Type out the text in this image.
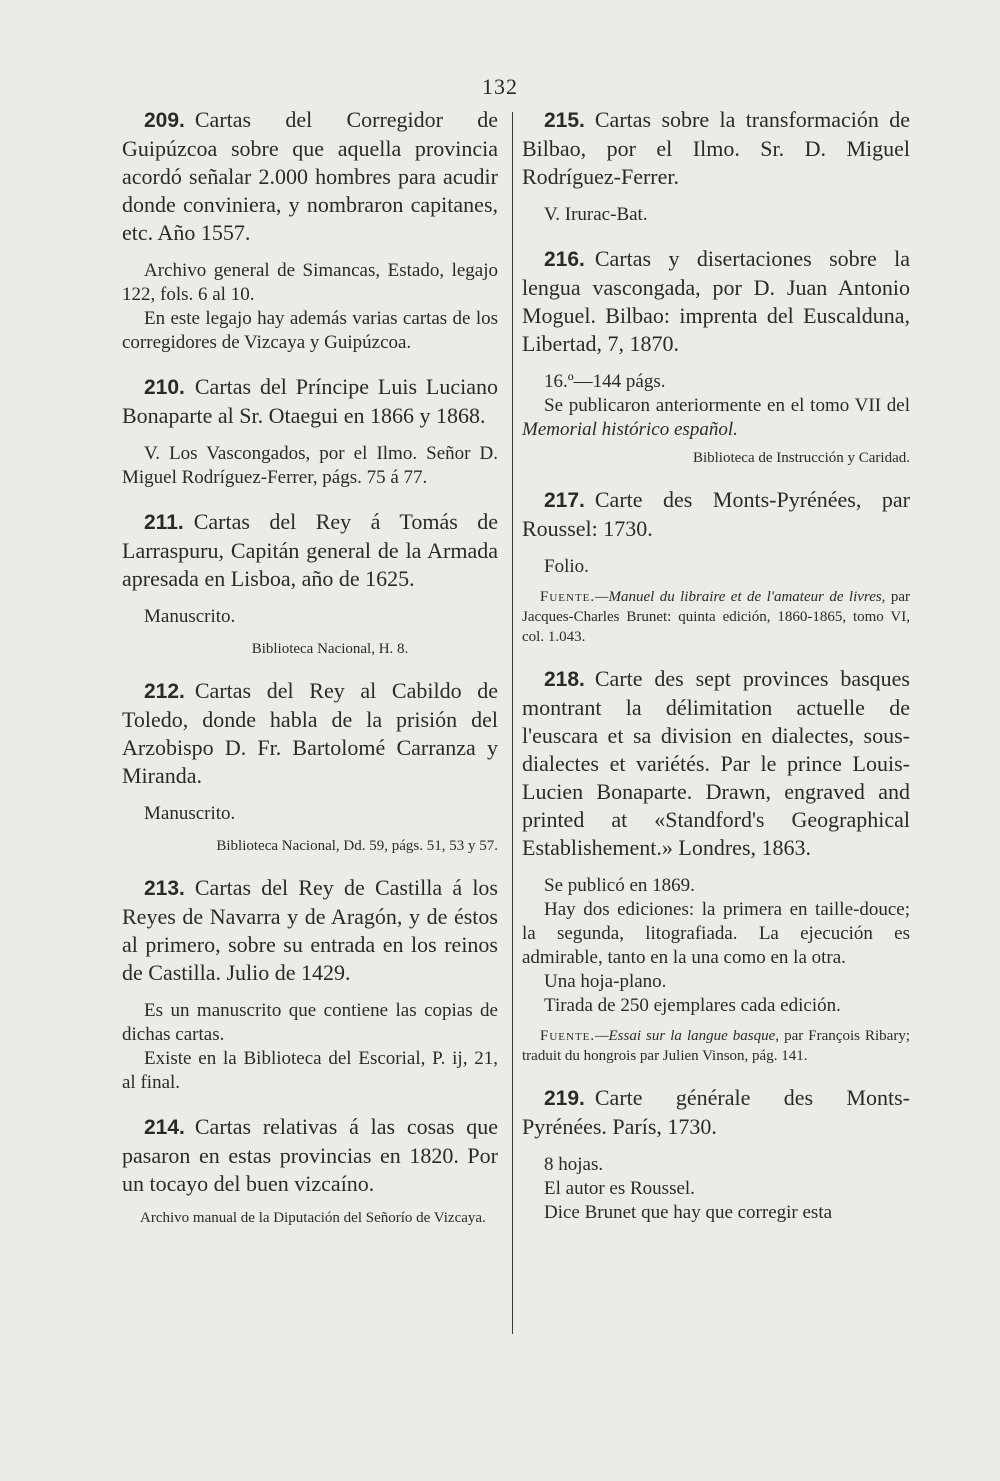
132

209. Cartas del Corregidor de Guipúzcoa sobre que aquella provincia acordó señalar 2.000 hombres para acudir donde conviniera, y nombraron capitanes, etc. Año 1557.

Archivo general de Simancas, Estado, legajo 122, fols. 6 al 10.

En este legajo hay además varias cartas de los corregidores de Vizcaya y Guipúzcoa.

210. Cartas del Príncipe Luis Luciano Bonaparte al Sr. Otaegui en 1866 y 1868.

V. Los Vascongados, por el Ilmo. Señor D. Miguel Rodríguez-Ferrer, págs. 75 á 77.

211. Cartas del Rey á Tomás de Larraspuru, Capitán general de la Armada apresada en Lisboa, año de 1625.

Manuscrito.

Biblioteca Nacional, H. 8.

212. Cartas del Rey al Cabildo de Toledo, donde habla de la prisión del Arzobispo D. Fr. Bartolomé Carranza y Miranda.

Manuscrito.

Biblioteca Nacional, Dd. 59, págs. 51, 53 y 57.

213. Cartas del Rey de Castilla á los Reyes de Navarra y de Aragón, y de éstos al primero, sobre su entrada en los reinos de Castilla. Julio de 1429.

Es un manuscrito que contiene las copias de dichas cartas.

Existe en la Biblioteca del Escorial, P. ij, 21, al final.

214. Cartas relativas á las cosas que pasaron en estas provincias en 1820. Por un tocayo del buen vizcaíno.

Archivo manual de la Diputación del Señorío de Vizcaya.

215. Cartas sobre la transformación de Bilbao, por el Ilmo. Sr. D. Miguel Rodríguez-Ferrer.

V. Irurac-Bat.

216. Cartas y disertaciones sobre la lengua vascongada, por D. Juan Antonio Moguel. Bilbao: imprenta del Euscalduna, Libertad, 7, 1870.

16.º—144 págs.

Se publicaron anteriormente en el tomo VII del Memorial histórico español.

Biblioteca de Instrucción y Caridad.

217. Carte des Monts-Pyrénées, par Roussel: 1730.

Folio.

Fuente.—Manuel du libraire et de l'amateur de livres, par Jacques-Charles Brunet: quinta edición, 1860-1865, tomo VI, col. 1.043.

218. Carte des sept provinces basques montrant la délimitation actuelle de l'euscara et sa division en dialectes, sous-dialectes et variétés. Par le prince Louis-Lucien Bonaparte. Drawn, engraved and printed at «Standford's Geographical Establishement.» Londres, 1863.

Se publicó en 1869.

Hay dos ediciones: la primera en taille-douce; la segunda, litografiada. La ejecución es admirable, tanto en la una como en la otra.

Una hoja-plano.

Tirada de 250 ejemplares cada edición.

Fuente.—Essai sur la langue basque, par François Ribary; traduit du hongrois par Julien Vinson, pág. 141.

219. Carte générale des Monts-Pyrénées. París, 1730.

8 hojas.

El autor es Roussel.

Dice Brunet que hay que corregir esta
